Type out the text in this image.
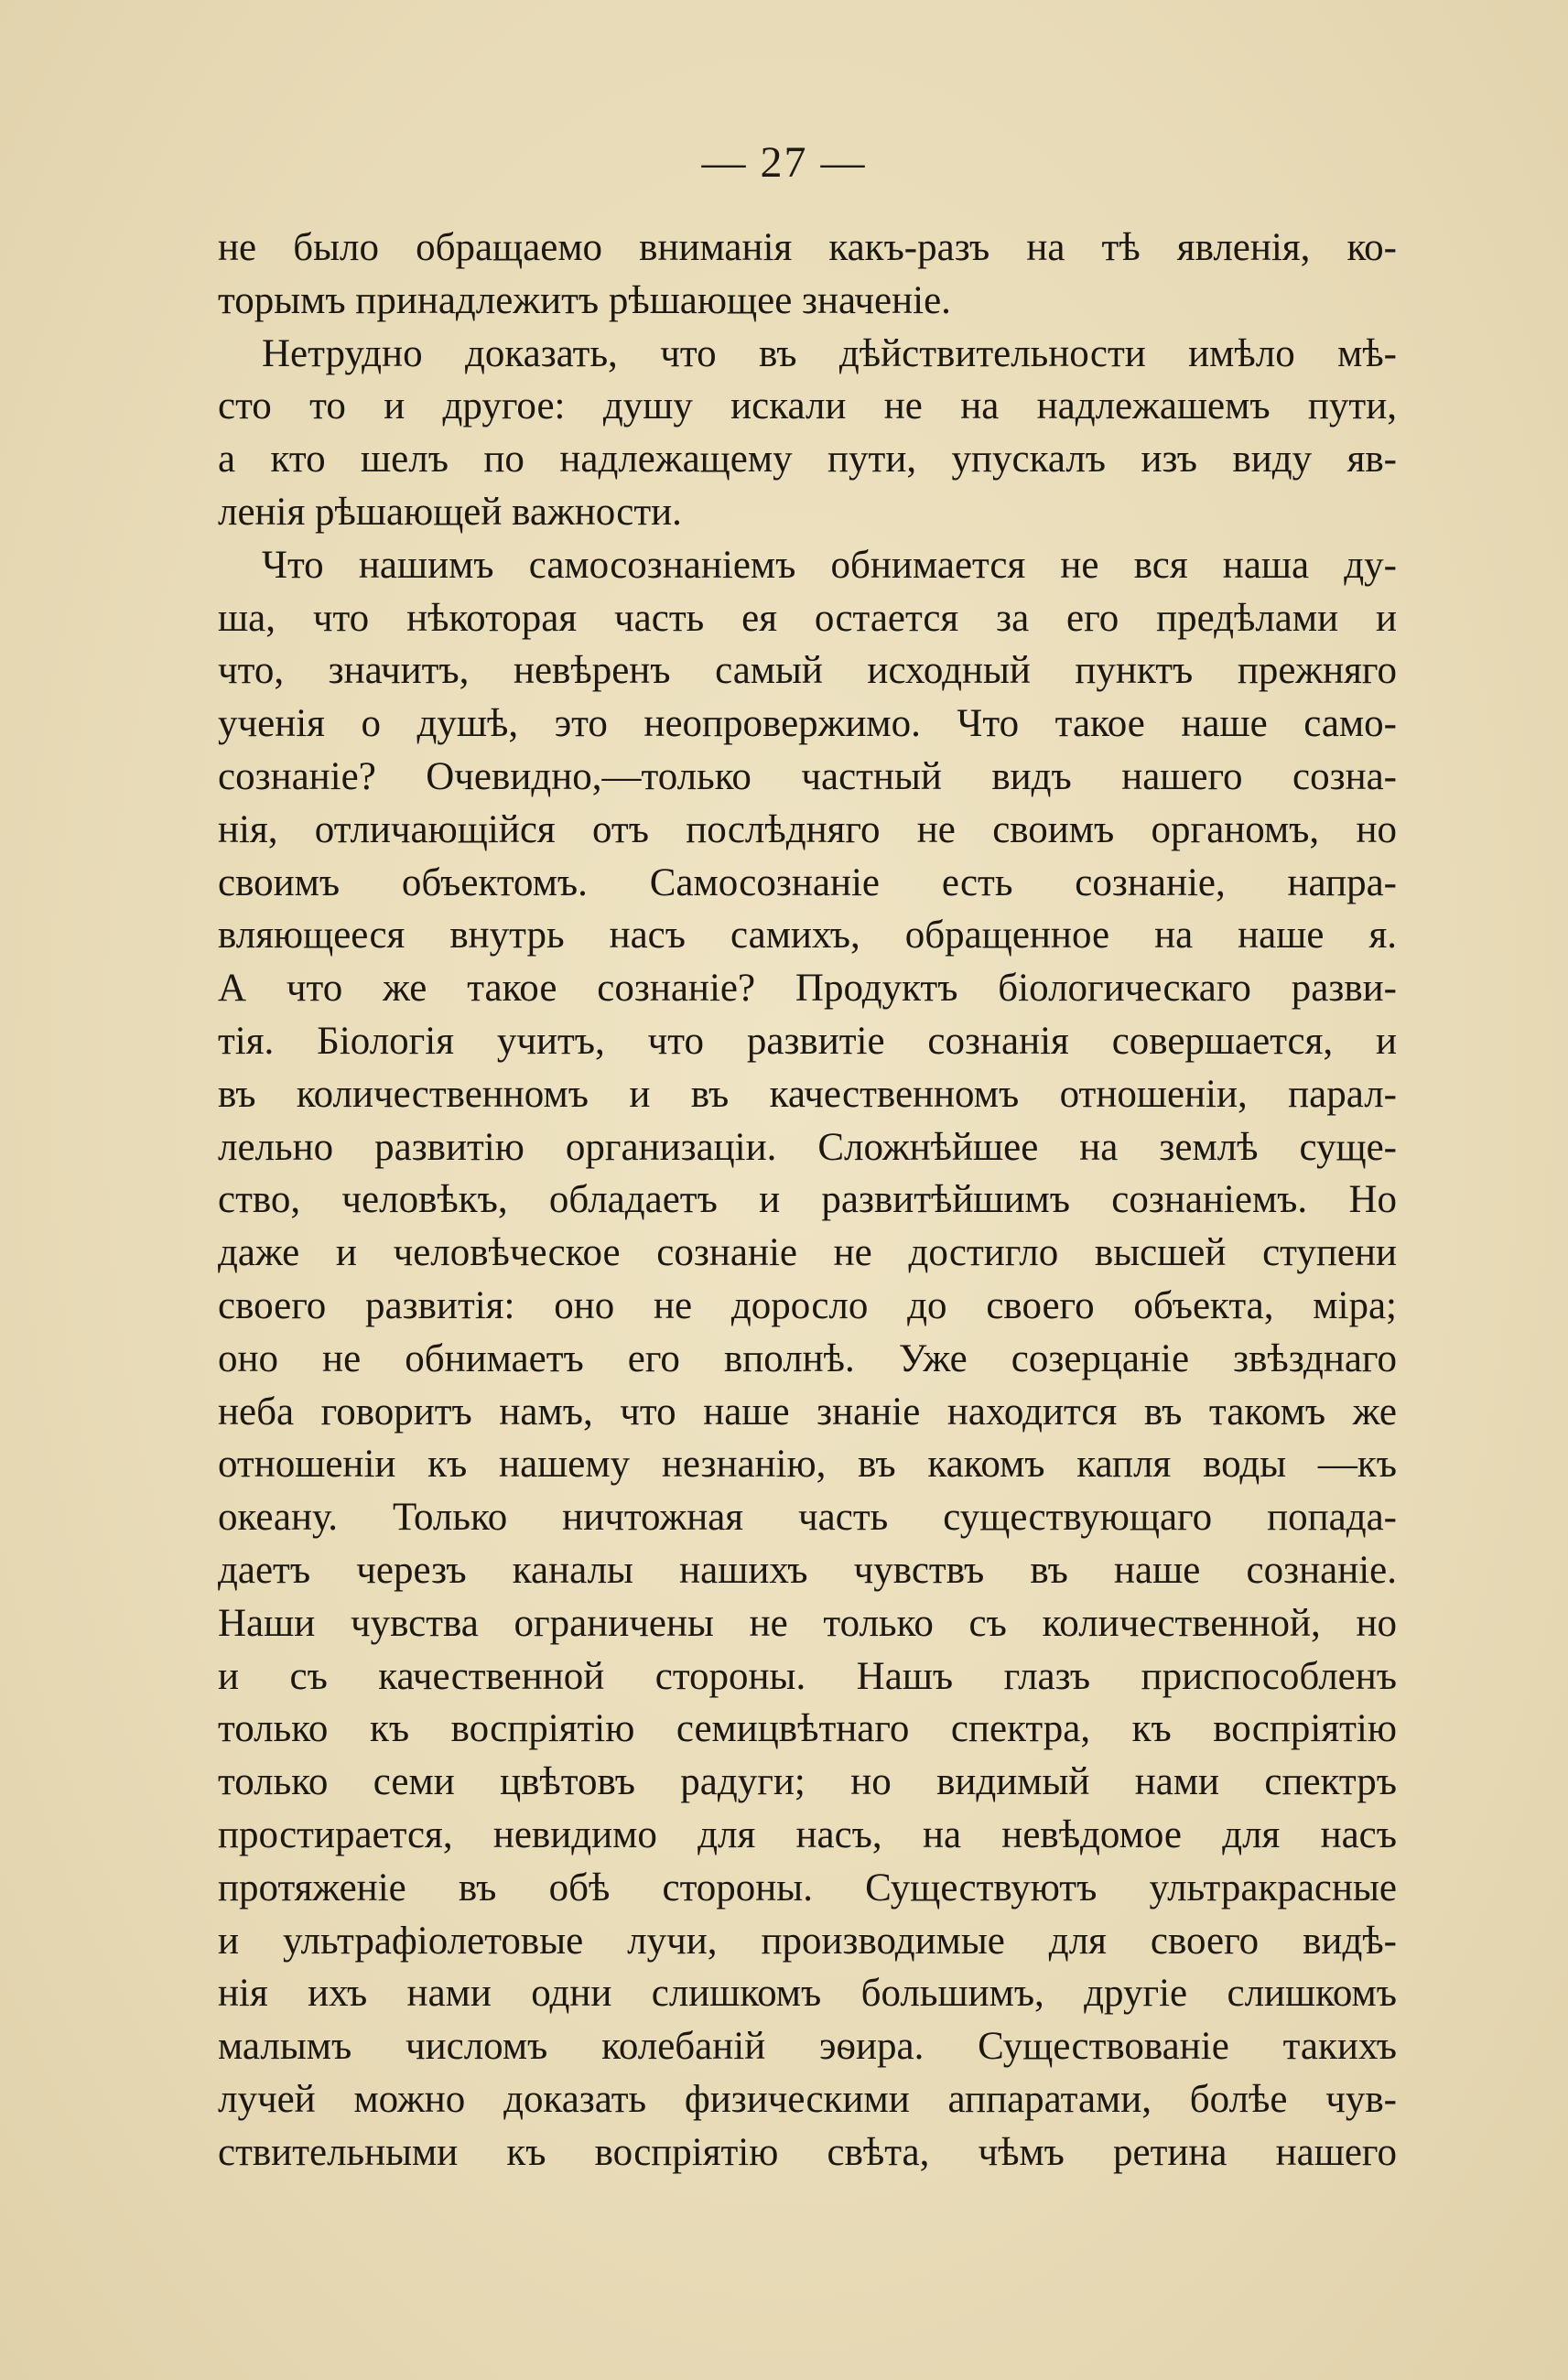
— 27 —
не было обращаемо вниманія какъ-разъ на тѣ явленія, ко-
торымъ принадлежитъ рѣшающее значеніе.
Нетрудно доказать, что въ дѣйствительности имѣло мѣ-
сто то и другое: душу искали не на надлежашемъ пути,
а кто шелъ по надлежащему пути, упускалъ изъ виду яв-
ленія рѣшающей важности.
Что нашимъ самосознаніемъ обнимается не вся наша ду-
ша, что нѣкоторая часть ея остается за его предѣлами и
что, значитъ, невѣренъ самый исходный пунктъ прежняго
ученія о душѣ, это неопровержимо. Что такое наше само-
сознаніе? Очевидно,—только частный видъ нашего созна-
нія, отличающійся отъ послѣдняго не своимъ органомъ, но
своимъ объектомъ. Самосознаніе есть сознаніе, напра-
вляющееся внутрь насъ самихъ, обращенное на наше я.
А что же такое сознаніе? Продуктъ біологическаго разви-
тія. Біологія учитъ, что развитіе сознанія совершается, и
въ количественномъ и въ качественномъ отношеніи, парал-
лельно развитію организаціи. Сложнѣйшее на землѣ суще-
ство, человѣкъ, обладаетъ и развитѣйшимъ сознаніемъ. Но
даже и человѣческое сознаніе не достигло высшей ступени
своего развитія: оно не доросло до своего объекта, міра;
оно не обнимаетъ его вполнѣ. Уже созерцаніе звѣзднаго
неба говоритъ намъ, что наше знаніе находится въ такомъ же
отношеніи къ нашему незнанію, въ какомъ капля воды —къ
океану. Только ничтожная часть существующаго попада-
даетъ черезъ каналы нашихъ чувствъ въ наше сознаніе.
Наши чувства ограничены не только съ количественной, но
и съ качественной стороны. Нашъ глазъ приспособленъ
только къ воспріятію семицвѣтнаго спектра, къ воспріятію
только семи цвѣтовъ радуги; но видимый нами спектръ
простирается, невидимо для насъ, на невѣдомое для насъ
протяженіе въ обѣ стороны. Существуютъ ультракрасные
и ультрафіолетовые лучи, производимые для своего видѣ-
нія ихъ нами одни слишкомъ большимъ, другіе слишкомъ
малымъ числомъ колебаній эѳира. Существованіе такихъ
лучей можно доказать физическими аппаратами, болѣе чув-
ствительными къ воспріятію свѣта, чѣмъ ретина нашего
